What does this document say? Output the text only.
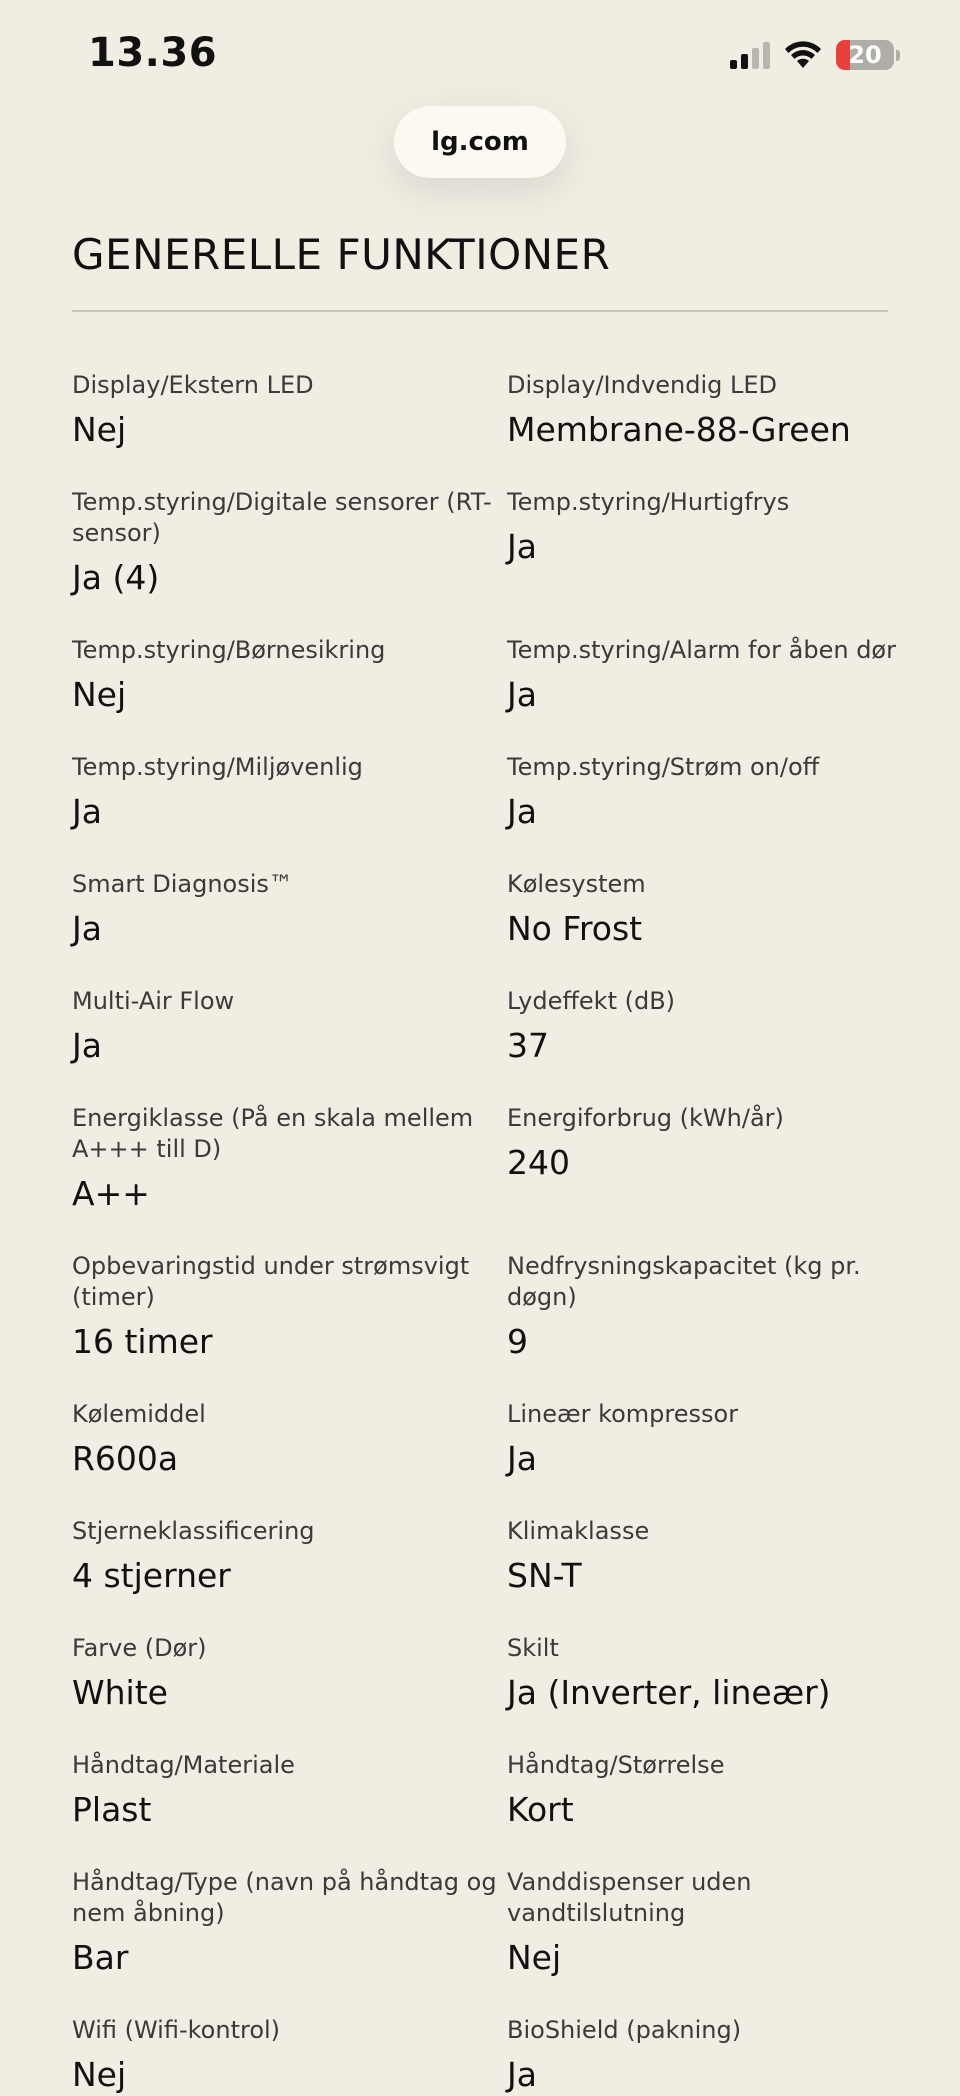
13.36	20
lg.com
GENERELLE FUNKTIONER
Display/Ekstern LED
Nej
Display/Indvendig LED
Membrane-88-Green
Temp.styring/Digitale sensorer (RT-sensor)
Ja (4)
Temp.styring/Hurtigfrys
Ja
Temp.styring/Børnesikring
Nej
Temp.styring/Alarm for åben dør
Ja
Temp.styring/Miljøvenlig
Ja
Temp.styring/Strøm on/off
Ja
Smart Diagnosis™
Ja
Kølesystem
No Frost
Multi-Air Flow
Ja
Lydeffekt (dB)
37
Energiklasse (På en skala mellem A+++ till D)
A++
Energiforbrug (kWh/år)
240
Opbevaringstid under strømsvigt (timer)
16 timer
Nedfrysningskapacitet (kg pr. døgn)
9
Kølemiddel
R600a
Lineær kompressor
Ja
Stjerneklassificering
4 stjerner
Klimaklasse
SN-T
Farve (Dør)
White
Skilt
Ja (Inverter, lineær)
Håndtag/Materiale
Plast
Håndtag/Størrelse
Kort
Håndtag/Type (navn på håndtag og nem åbning)
Bar
Vanddispenser uden vandtilslutning
Nej
Wifi (Wifi-kontrol)
Nej
BioShield (pakning)
Ja
